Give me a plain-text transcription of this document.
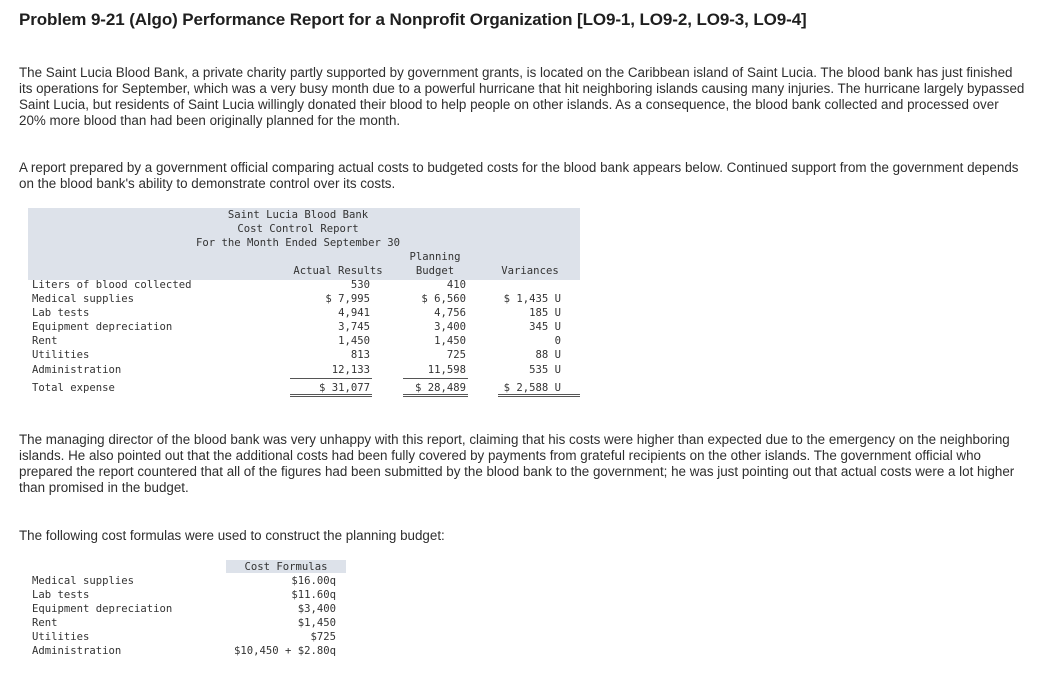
Problem 9-21 (Algo) Performance Report for a Nonprofit Organization [LO9-1, LO9-2, LO9-3, LO9-4]

The Saint Lucia Blood Bank, a private charity partly supported by government grants, is located on the Caribbean island of Saint Lucia. The blood bank has just finished its operations for September, which was a very busy month due to a powerful hurricane that hit neighboring islands causing many injuries. The hurricane largely bypassed Saint Lucia, but residents of Saint Lucia willingly donated their blood to help people on other islands. As a consequence, the blood bank collected and processed over 20% more blood than had been originally planned for the month.

A report prepared by a government official comparing actual costs to budgeted costs for the blood bank appears below. Continued support from the government depends on the blood bank's ability to demonstrate control over its costs.

Saint Lucia Blood Bank
Cost Control Report
For the Month Ended September 30
Actual Results
Planning
Budget	Variances
Liters of blood collected	530	410
Medical supplies	$ 7,995	$ 6,560	$ 1,435 U
Lab tests	4,941	4,756	185 U
Equipment depreciation	3,745	3,400	345 U
Rent	1,450	1,450	0
Utilities	813	725	88 U
Administration	12,133	11,598	535 U
Total expense	$ 31,077	$ 28,489	$ 2,588 U

The managing director of the blood bank was very unhappy with this report, claiming that his costs were higher than expected due to the emergency on the neighboring islands. He also pointed out that the additional costs had been fully covered by payments from grateful recipients on the other islands. The government official who prepared the report countered that all of the figures had been submitted by the blood bank to the government; he was just pointing out that actual costs were a lot higher than promised in the budget.

The following cost formulas were used to construct the planning budget:

Cost Formulas
Medical supplies	$16.00q
Lab tests	$11.60q
Equipment depreciation	$3,400
Rent	$1,450
Utilities	$725
Administration	$10,450 + $2.80q
